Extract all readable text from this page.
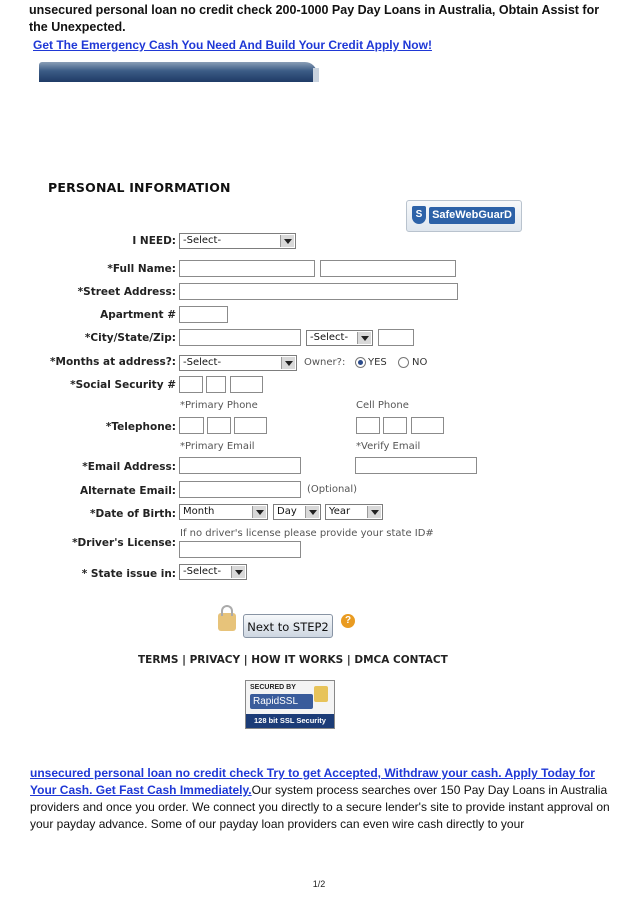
unsecured personal loan no credit check 200-1000 Pay Day Loans in Australia, Obtain Assist for the Unexpected.
Get The Emergency Cash You Need And Build Your Credit Apply Now!
PERSONAL INFORMATION
S SafeWebGuarD
I NEED: -Select-
*Full Name:
*Street Address:
Apartment #
*City/State/Zip:	-Select-
*Months at address?: -Select-	Owner?: YES	NO
*Social Security #
*Primary Phone	Cell Phone
*Telephone:
*Primary Email	*Verify Email
*Email Address:
Alternate Email:	(Optional)
*Date of Birth: Month	Day	Year
If no driver's license please provide your state ID#
*Driver's License:
* State issue in: -Select-
Next to STEP2	?
TERMS | PRIVACY | HOW IT WORKS | DMCA CONTACT
SECURED BY
RapidSSL
128 bit SSL Security
unsecured personal loan no credit check Try to get Accepted, Withdraw your cash. Apply Today for Your Cash. Get Fast Cash Immediately.Our system process searches over 150 Pay Day Loans in Australia providers and once you order. We connect you directly to a secure lender's site to provide instant approval on your payday advance. Some of our payday loan providers can even wire cash directly to your
1/2
